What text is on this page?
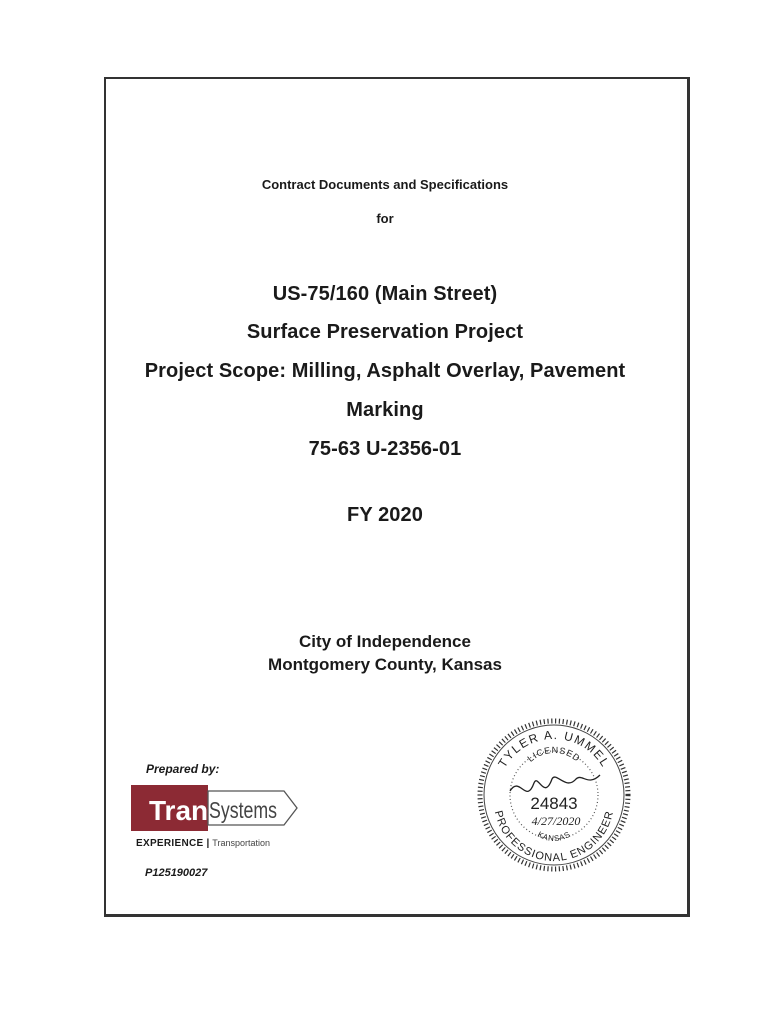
Contract Documents and Specifications
for
US-75/160 (Main Street)
Surface Preservation Project
Project Scope: Milling, Asphalt Overlay, Pavement
Marking
75-63 U-2356-01
FY 2020
City of Independence
Montgomery County, Kansas
Prepared by:
Tran Systems
EXPERIENCE | Transportation
P125190027
TYLER A. UMMEL
PROFESSIONAL ENGINEER
LICENSED
KANSAS
24843
4/27/2020
